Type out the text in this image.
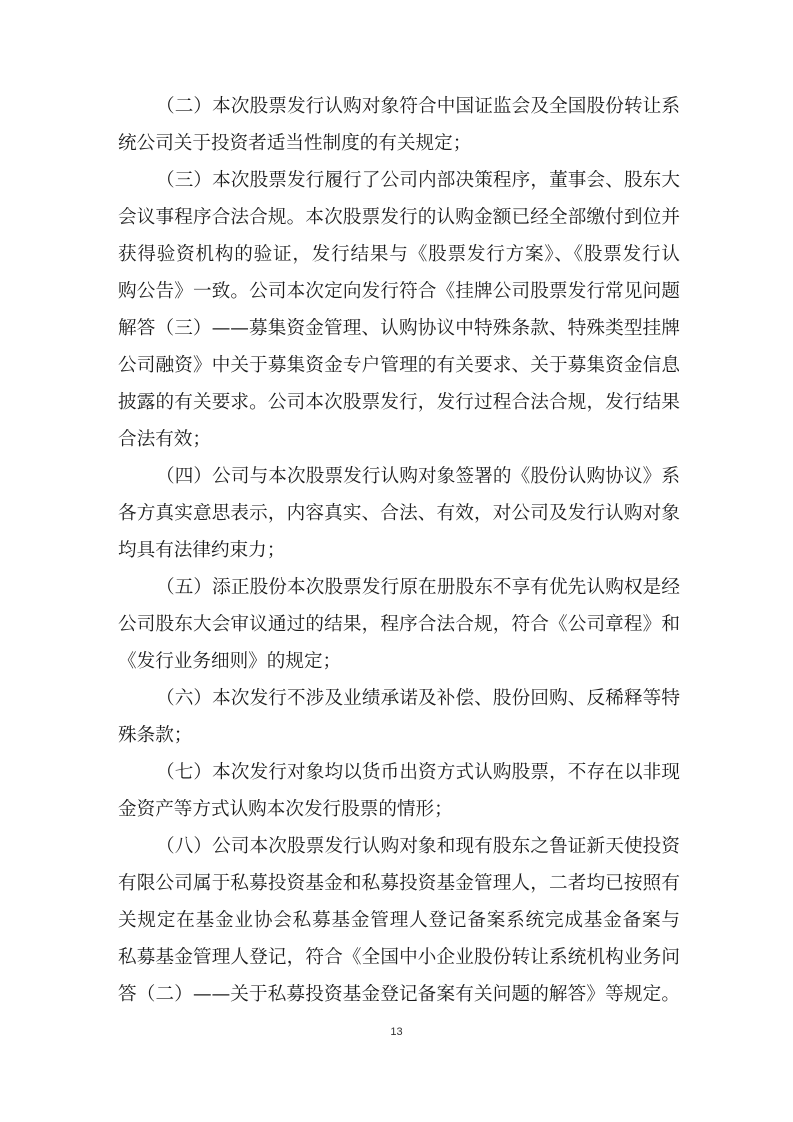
（二）本次股票发行认购对象符合中国证监会及全国股份转让系
统公司关于投资者适当性制度的有关规定；
（三）本次股票发行履行了公司内部决策程序，董事会、股东大
会议事程序合法合规。本次股票发行的认购金额已经全部缴付到位并
获得验资机构的验证，发行结果与《股票发行方案》、《股票发行认
购公告》一致。公司本次定向发行符合《挂牌公司股票发行常见问题
解答（三）——募集资金管理、认购协议中特殊条款、特殊类型挂牌
公司融资》中关于募集资金专户管理的有关要求、关于募集资金信息
披露的有关要求。公司本次股票发行，发行过程合法合规，发行结果
合法有效；
（四）公司与本次股票发行认购对象签署的《股份认购协议》系
各方真实意思表示，内容真实、合法、有效，对公司及发行认购对象
均具有法律约束力；
（五）添正股份本次股票发行原在册股东不享有优先认购权是经
公司股东大会审议通过的结果，程序合法合规，符合《公司章程》和
《发行业务细则》的规定；
（六）本次发行不涉及业绩承诺及补偿、股份回购、反稀释等特
殊条款；
（七）本次发行对象均以货币出资方式认购股票，不存在以非现
金资产等方式认购本次发行股票的情形；
（八）公司本次股票发行认购对象和现有股东之鲁证新天使投资
有限公司属于私募投资基金和私募投资基金管理人，二者均已按照有
关规定在基金业协会私募基金管理人登记备案系统完成基金备案与
私募基金管理人登记，符合《全国中小企业股份转让系统机构业务问
答（二）——关于私募投资基金登记备案有关问题的解答》等规定。
13
